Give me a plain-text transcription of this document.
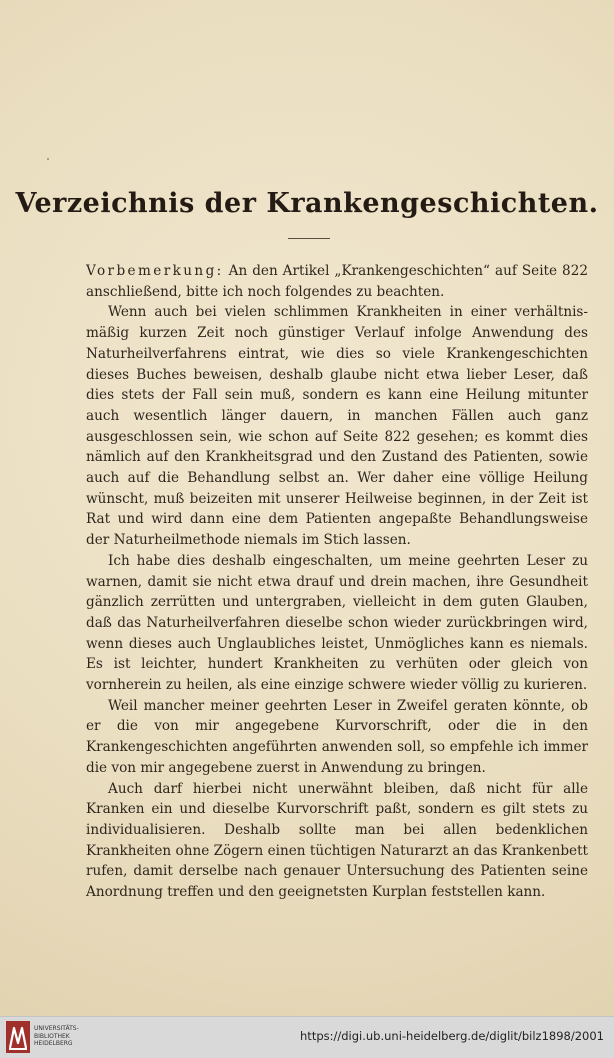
Verzeichnis der Krankengeschichten.

Vorbemerkung: An den Artikel „Krankengeschichten“ auf Seite 822 anschließend, bitte ich noch folgendes zu beachten.

Wenn auch bei vielen schlimmen Krankheiten in einer verhältnismäßig kurzen Zeit noch günstiger Verlauf infolge Anwendung des Naturheilverfahrens eintrat, wie dies so viele Krankengeschichten dieses Buches beweisen, deshalb glaube nicht etwa lieber Leser, daß dies stets der Fall sein muß, sondern es kann eine Heilung mitunter auch wesentlich länger dauern, in manchen Fällen auch ganz ausgeschlossen sein, wie schon auf Seite 822 gesehen; es kommt dies nämlich auf den Krankheitsgrad und den Zustand des Patienten, sowie auch auf die Behandlung selbst an. Wer daher eine völlige Heilung wünscht, muß beizeiten mit unserer Heilweise beginnen, in der Zeit ist Rat und wird dann eine dem Patienten angepaßte Behandlungsweise der Naturheilmethode niemals im Stich lassen.

Ich habe dies deshalb eingeschalten, um meine geehrten Leser zu warnen, damit sie nicht etwa drauf und drein machen, ihre Gesundheit gänzlich zerrütten und untergraben, vielleicht in dem guten Glauben, daß das Naturheilverfahren dieselbe schon wieder zurückbringen wird, wenn dieses auch Unglaubliches leistet, Unmögliches kann es niemals. Es ist leichter, hundert Krankheiten zu verhüten oder gleich von vornherein zu heilen, als eine einzige schwere wieder völlig zu kurieren.

Weil mancher meiner geehrten Leser in Zweifel geraten könnte, ob er die von mir angegebene Kurvorschrift, oder die in den Krankengeschichten angeführten anwenden soll, so empfehle ich immer die von mir angegebene zuerst in Anwendung zu bringen.

Auch darf hierbei nicht unerwähnt bleiben, daß nicht für alle Kranken ein und dieselbe Kurvorschrift paßt, sondern es gilt stets zu individualisieren. Deshalb sollte man bei allen bedenklichen Krankheiten ohne Zögern einen tüchtigen Naturarzt an das Krankenbett rufen, damit derselbe nach genauer Untersuchung des Patienten seine Anordnung treffen und den geeignetsten Kurplan feststellen kann.

UNIVERSITÄTS-
BIBLIOTHEK
HEIDELBERG
https://digi.ub.uni-heidelberg.de/diglit/bilz1898/2001
